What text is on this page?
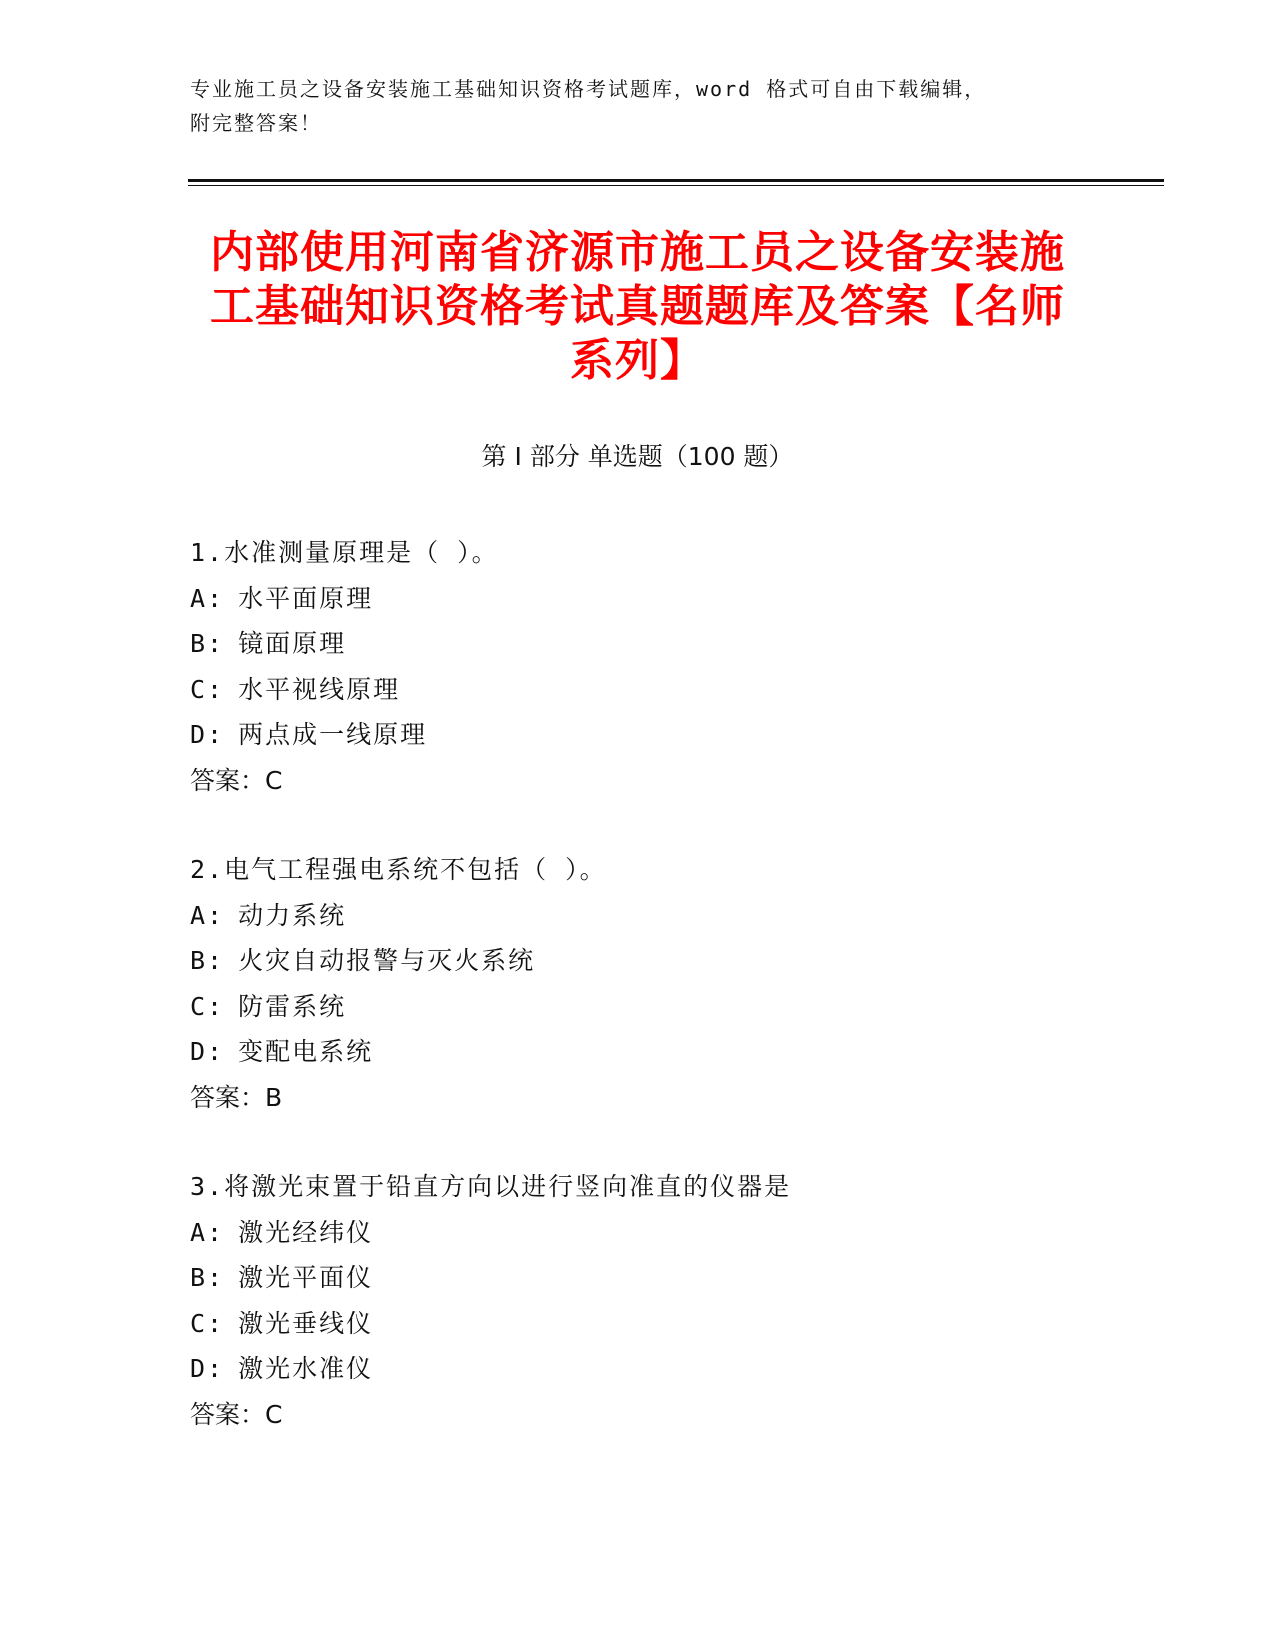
专业施工员之设备安装施工基础知识资格考试题库，word 格式可自由下载编辑，
附完整答案！
内部使用河南省济源市施工员之设备安装施
工基础知识资格考试真题题库及答案【名师
系列】
第 I 部分 单选题（100 题）
1.水准测量原理是（ ）。
A: 水平面原理
B: 镜面原理
C: 水平视线原理
D: 两点成一线原理
答案：C
2.电气工程强电系统不包括（ ）。
A: 动力系统
B: 火灾自动报警与灭火系统
C: 防雷系统
D: 变配电系统
答案：B
3.将激光束置于铅直方向以进行竖向准直的仪器是
A: 激光经纬仪
B: 激光平面仪
C: 激光垂线仪
D: 激光水准仪
答案：C
